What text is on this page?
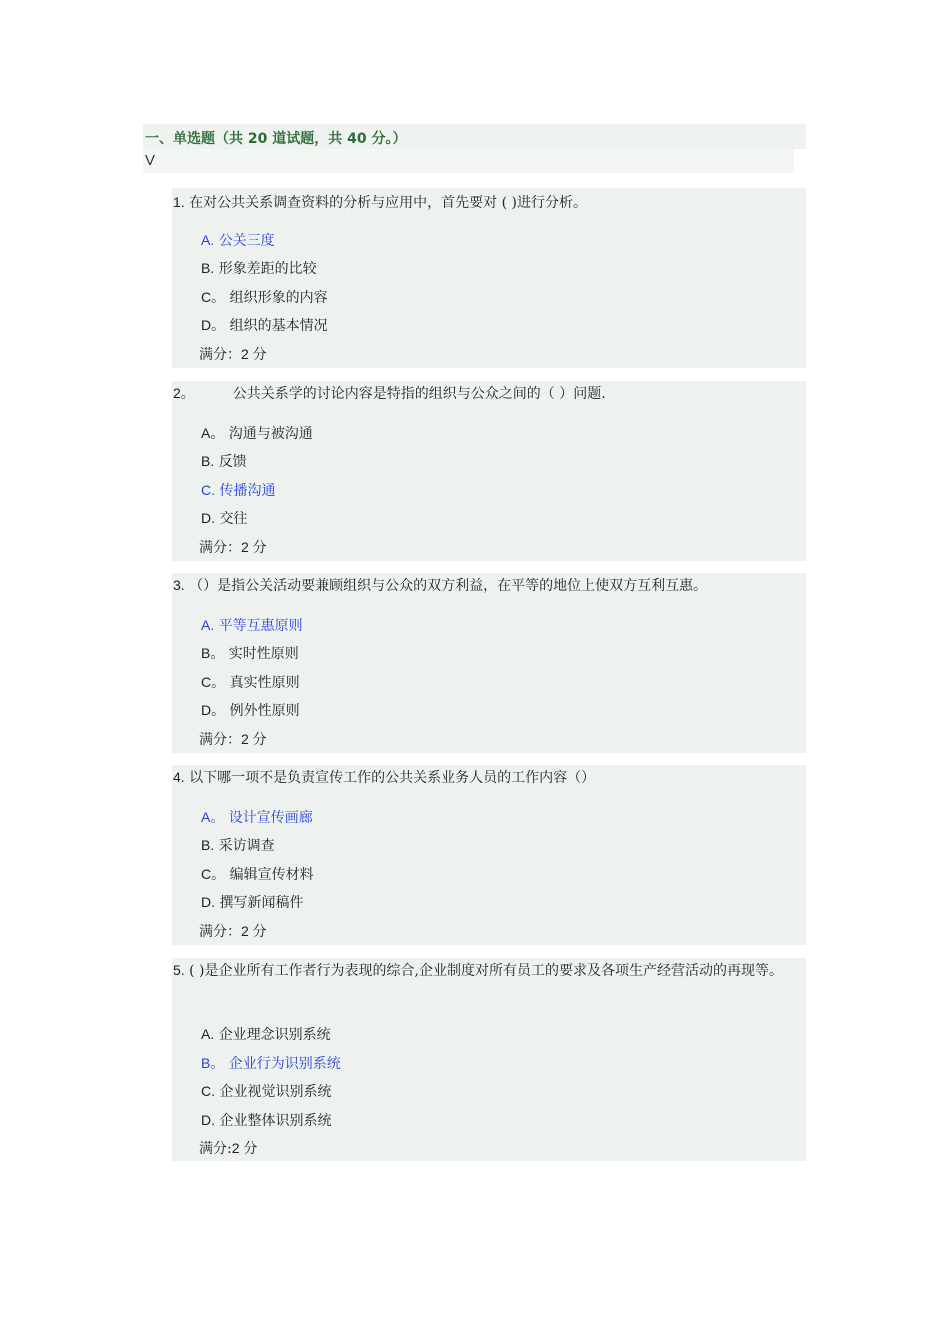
一、单选题（共 20 道试题，共 40 分。）
V
1. 在对公共关系调查资料的分析与应用中，首先要对 ( )进行分析。
A. 公关三度
B. 形象差距的比较
C。 组织形象的内容
D。 组织的基本情况
满分：2 分
2。	公共关系学的讨论内容是特指的组织与公众之间的（ ）问题.
A。 沟通与被沟通
B. 反馈
C. 传播沟通
D. 交往
满分：2 分
3. （）是指公关活动要兼顾组织与公众的双方利益，在平等的地位上使双方互利互惠。
A. 平等互惠原则
B。 实时性原则
C。 真实性原则
D。 例外性原则
满分：2 分
4. 以下哪一项不是负责宣传工作的公共关系业务人员的工作内容（）
A。 设计宣传画廊
B. 采访调查
C。 编辑宣传材料
D. 撰写新闻稿件
满分：2 分
5. ( )是企业所有工作者行为表现的综合,企业制度对所有员工的要求及各项生产经营活动的再现等。
A. 企业理念识别系统
B。 企业行为识别系统
C. 企业视觉识别系统
D. 企业整体识别系统
满分:2 分
